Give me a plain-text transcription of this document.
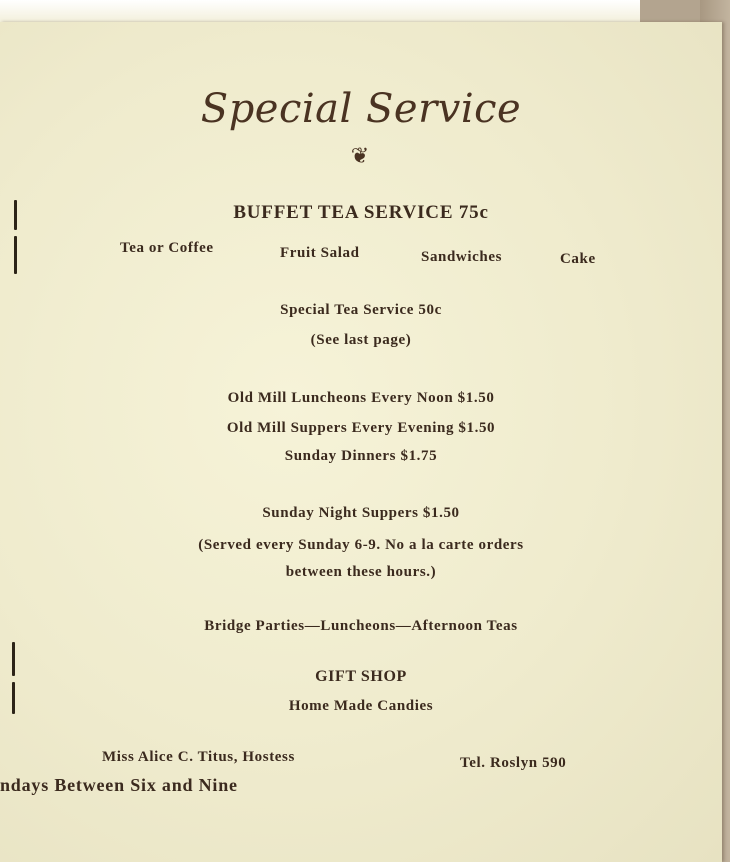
Special Service
❦
BUFFET TEA SERVICE 75c
Tea or Coffee	Fruit Salad	Sandwiches	Cake
Special Tea Service 50c
(See last page)
Old Mill Luncheons Every Noon $1.50
Old Mill Suppers Every Evening $1.50
Sunday Dinners $1.75
Sunday Night Suppers $1.50
(Served every Sunday 6-9. No a la carte orders
between these hours.)
Bridge Parties—Luncheons—Afternoon Teas
GIFT SHOP
Home Made Candies
Miss Alice C. Titus, Hostess	Tel. Roslyn 590
ndays Between Six and Nine
